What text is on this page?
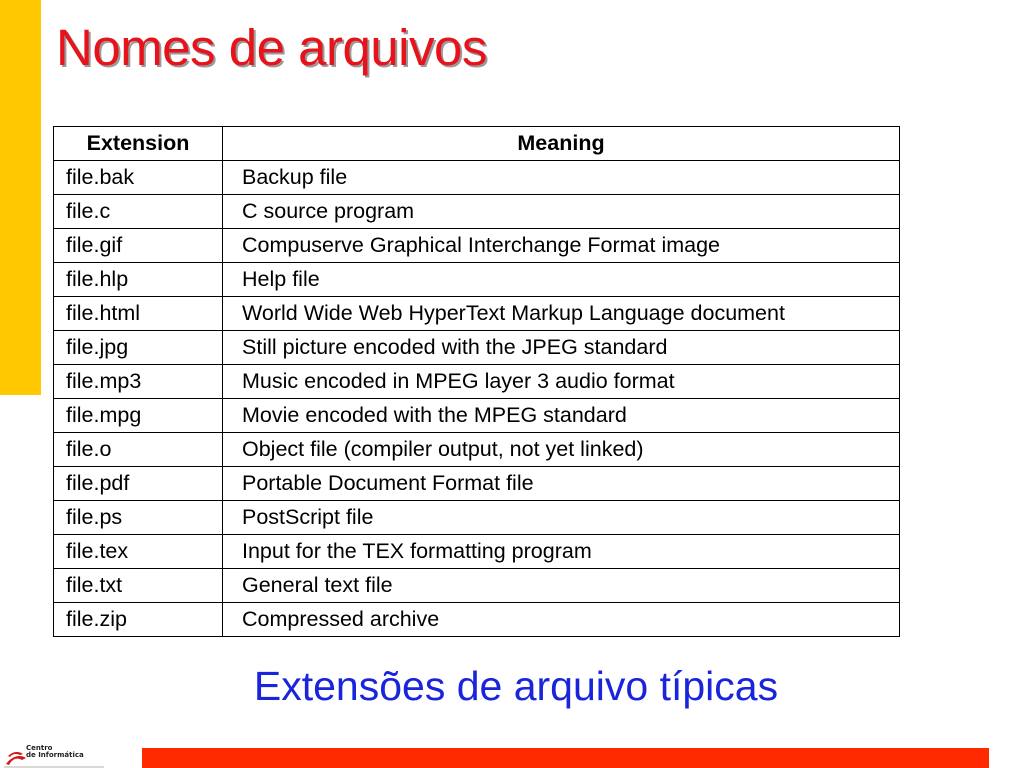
Nomes de arquivos
Extension	Meaning
file.bak	Backup file
file.c	C source program
file.gif	Compuserve Graphical Interchange Format image
file.hlp	Help file
file.html	World Wide Web HyperText Markup Language document
file.jpg	Still picture encoded with the JPEG standard
file.mp3	Music encoded in MPEG layer 3 audio format
file.mpg	Movie encoded with the MPEG standard
file.o	Object file (compiler output, not yet linked)
file.pdf	Portable Document Format file
file.ps	PostScript file
file.tex	Input for the TEX formatting program
file.txt	General text file
file.zip	Compressed archive
Extensões de arquivo típicas
Centro
de Informática
